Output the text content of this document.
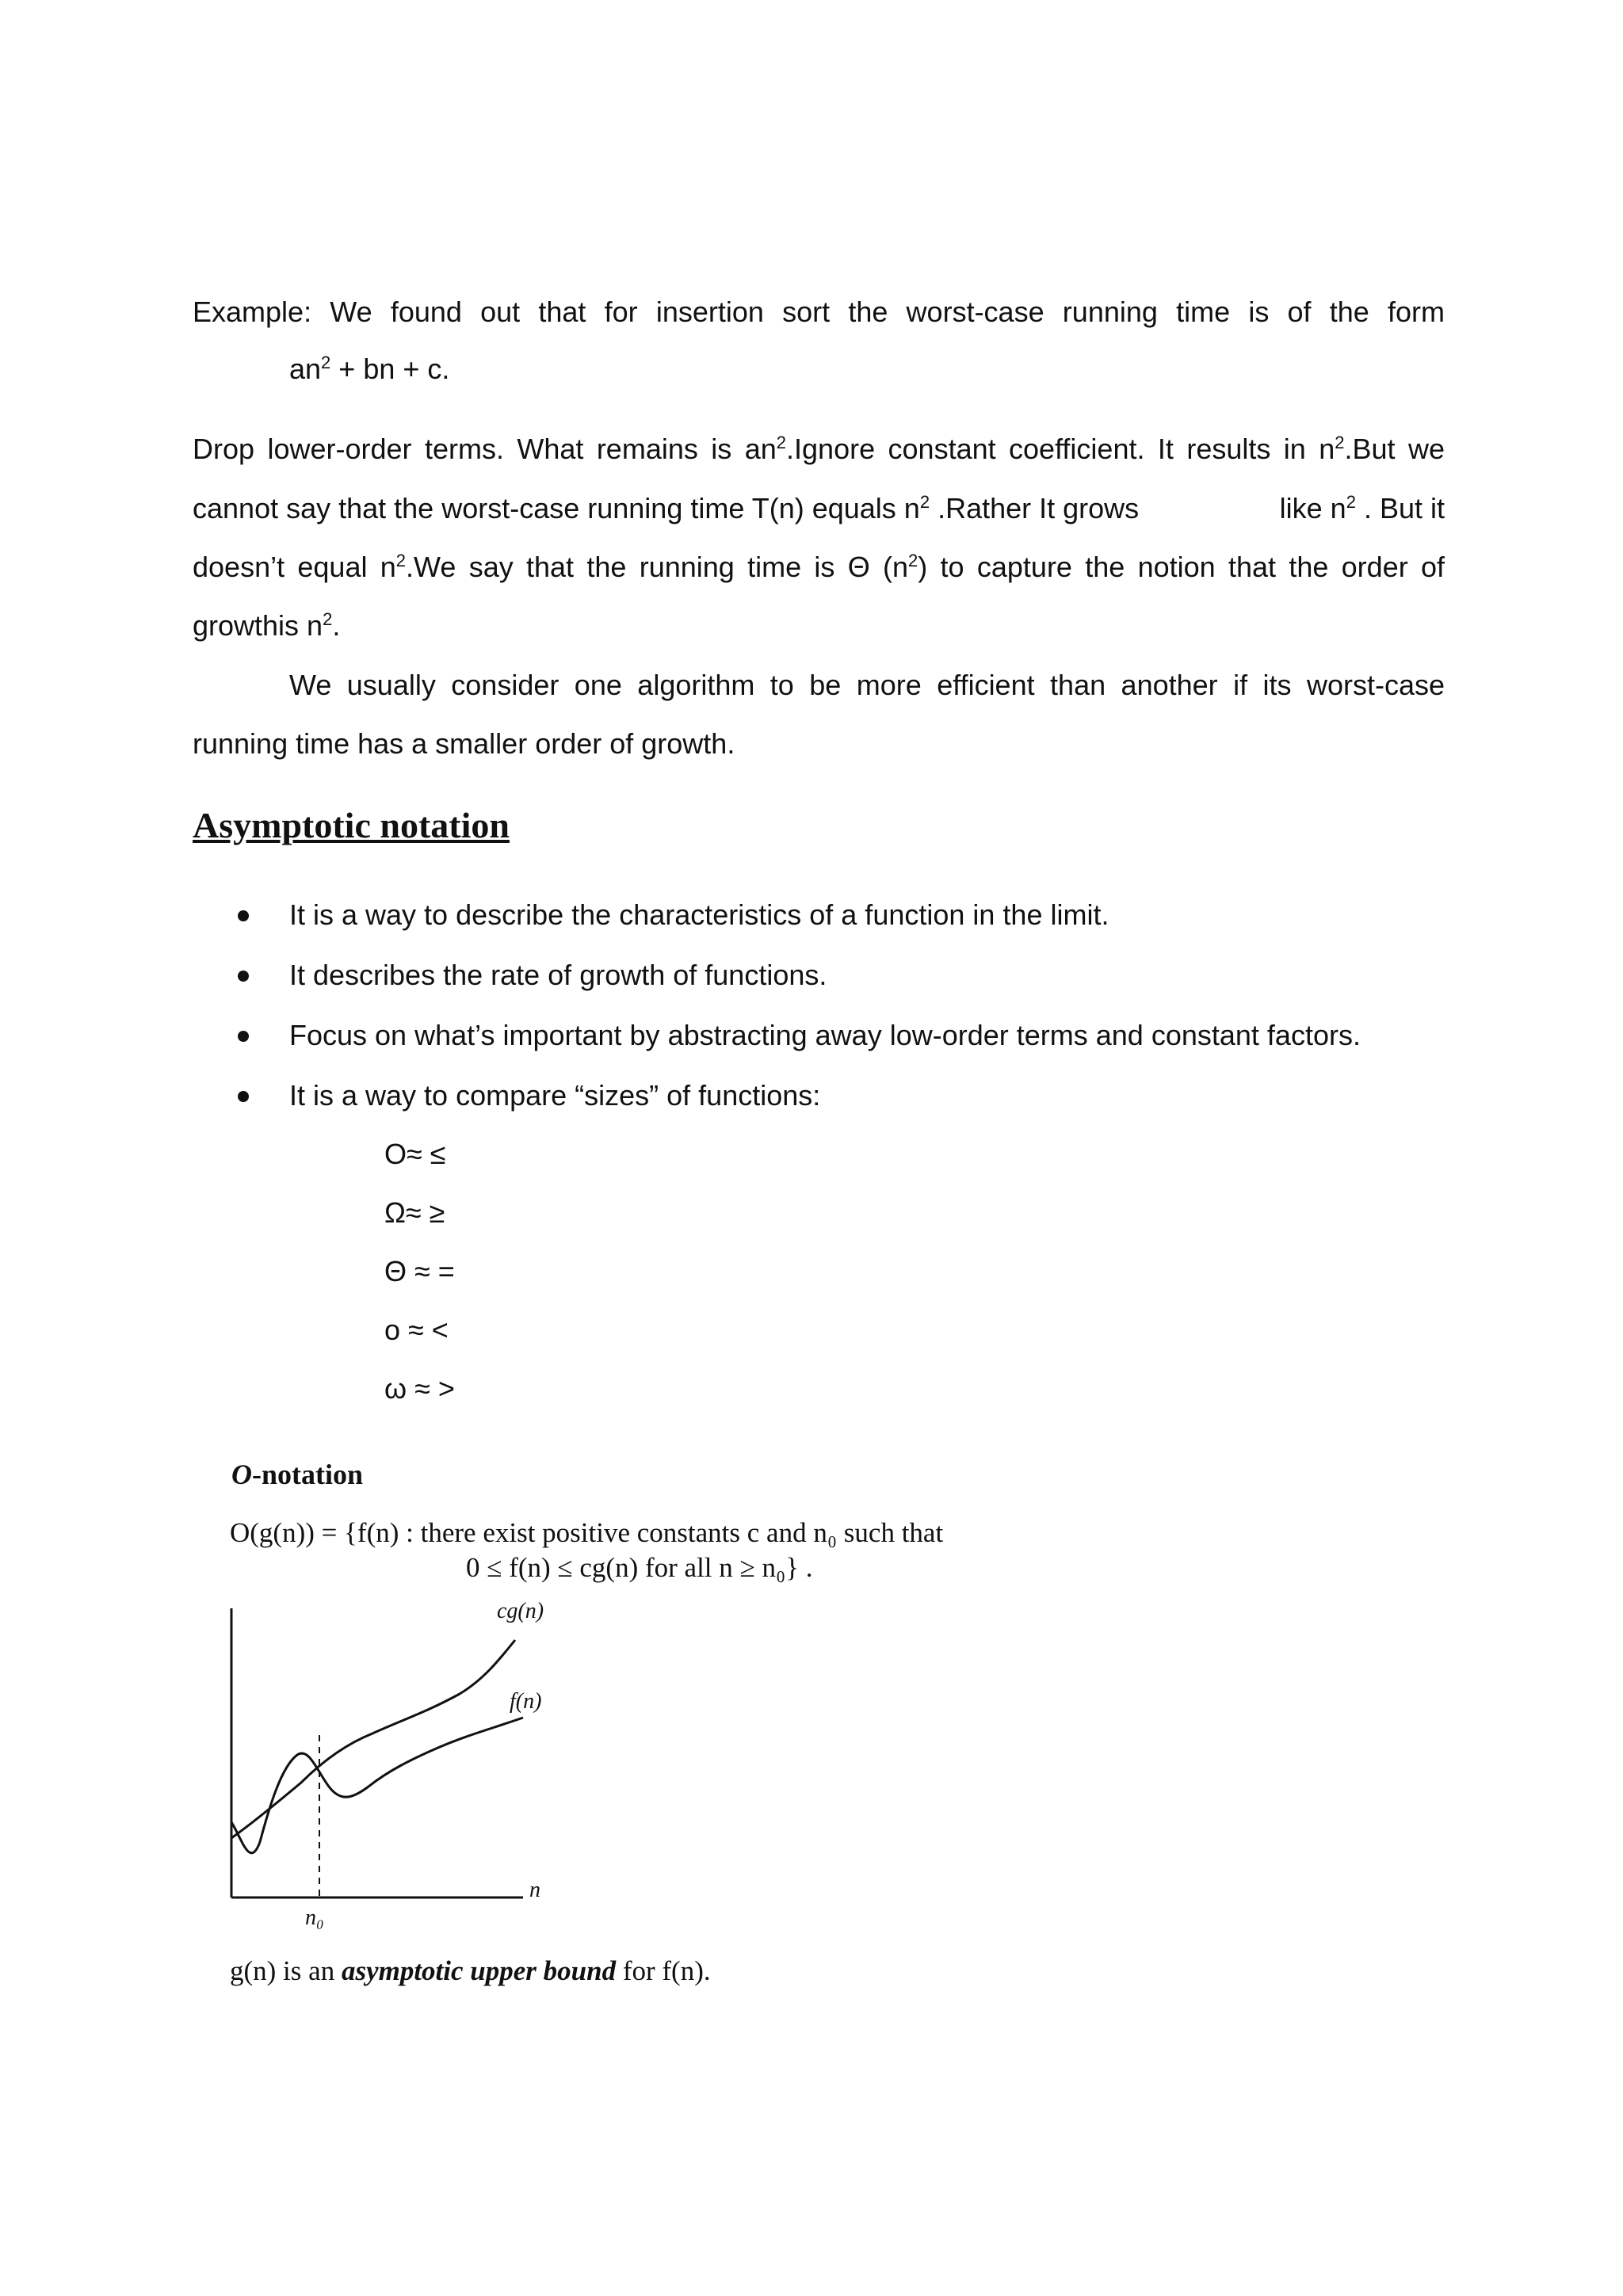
Example: We found out that for insertion sort the worst-case running time is of the form
$an^2$ + bn + c.
Drop lower-order terms. What remains is $an^2.Ignore$ constant coefficient. It results in $n^2.But$ we
cannot say that the worst-case running time T(n) equals $n^2$ .Rather It grows	like $n^2$ . But it
doesn’t equal $n^2.We$ say that the running time is Θ $(n^2)$ to capture the notion that the order of
growthis $n^2$.
We usually consider one algorithm to be more efficient than another if its worst-case
running time has a smaller order of growth.
Asymptotic notation
It is a way to describe the characteristics of a function in the limit.
It describes the rate of growth of functions.
Focus on what’s important by abstracting away low-order terms and constant factors.
It is a way to compare “sizes” of functions:
O≈ ≤
Ω≈ ≥
Θ ≈ =
o ≈ <
ω ≈ >
O-notation
O(g(n)) = {f(n) : there exist positive constants c and n₀ such that
0 ≤ f(n) ≤ cg(n) for all n ≥ n₀} .
cg(n)
f(n)
n
n₀
g(n) is an asymptotic upper bound for f(n).
